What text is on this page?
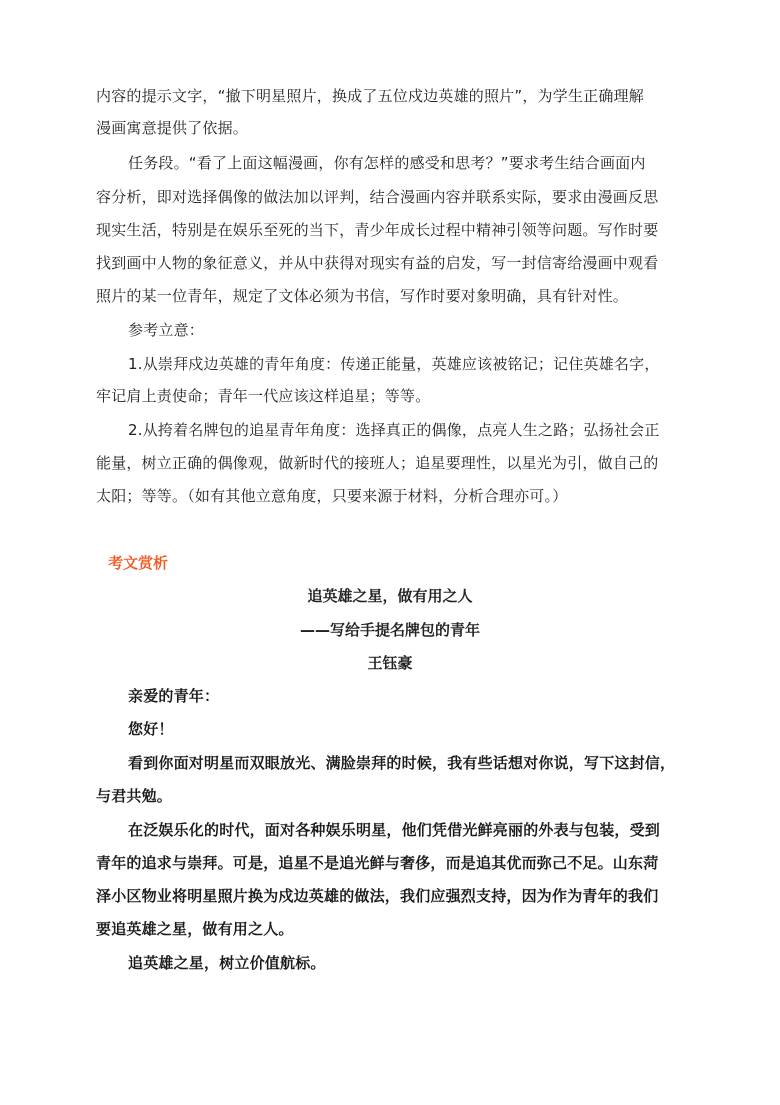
内容的提示文字，“撤下明星照片，换成了五位戍边英雄的照片”，为学生正确理解
漫画寓意提供了依据。
任务段。“看了上面这幅漫画，你有怎样的感受和思考？”要求考生结合画面内
容分析，即对选择偶像的做法加以评判，结合漫画内容并联系实际，要求由漫画反思
现实生活，特别是在娱乐至死的当下，青少年成长过程中精神引领等问题。写作时要
找到画中人物的象征意义，并从中获得对现实有益的启发，写一封信寄给漫画中观看
照片的某一位青年，规定了文体必须为书信，写作时要对象明确，具有针对性。
参考立意：
1.从崇拜戍边英雄的青年角度：传递正能量，英雄应该被铭记；记住英雄名字，
牢记肩上责使命；青年一代应该这样追星；等等。
2.从挎着名牌包的追星青年角度：选择真正的偶像，点亮人生之路；弘扬社会正
能量，树立正确的偶像观，做新时代的接班人；追星要理性，以星光为引，做自己的
太阳；等等。（如有其他立意角度，只要来源于材料，分析合理亦可。）
考文赏析
追英雄之星，做有用之人
——写给手提名牌包的青年
王钰豪
亲爱的青年：
您好！
看到你面对明星而双眼放光、满脸崇拜的时候，我有些话想对你说，写下这封信，
与君共勉。
在泛娱乐化的时代，面对各种娱乐明星，他们凭借光鲜亮丽的外表与包装，受到
青年的追求与崇拜。可是，追星不是追光鲜与奢侈，而是追其优而弥己不足。山东菏
泽小区物业将明星照片换为戍边英雄的做法，我们应强烈支持，因为作为青年的我们
要追英雄之星，做有用之人。
追英雄之星，树立价值航标。
